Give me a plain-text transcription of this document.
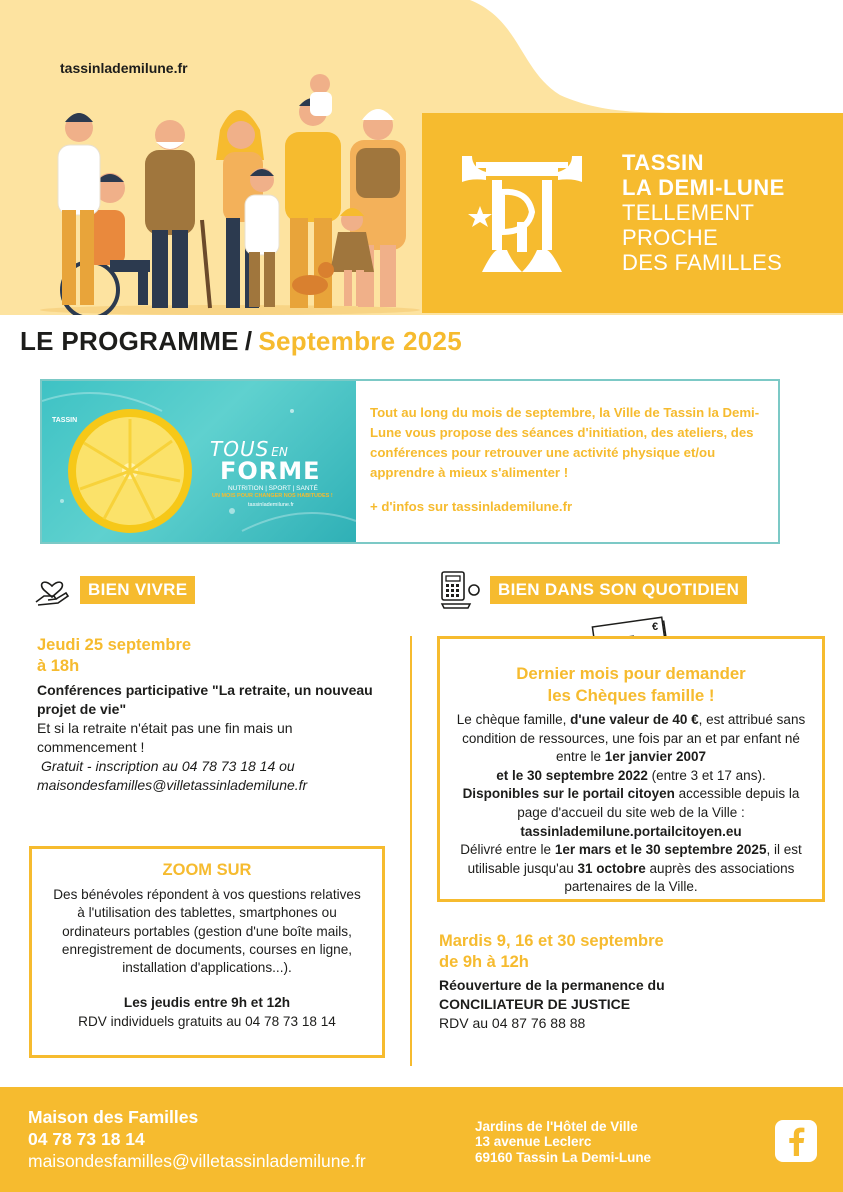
tassinlademilune.fr
TASSIN
LA DEMI-LUNE
TELLEMENT
PROCHE
DES FAMILLES
LE PROGRAMME / Septembre 2025
TASSIN
TOUS EN
FORME
NUTRITION | SPORT | SANTÉ
UN MOIS POUR CHANGER NOS HABITUDES !
tassinlademilune.fr
Tout au long du mois de septembre, la Ville de Tassin la Demi-Lune vous propose des séances d'initiation, des ateliers, des conférences pour retrouver une activité physique et/ou apprendre à mieux s'alimenter !
+ d'infos sur tassinlademilune.fr
BIEN VIVRE
Jeudi 25 septembre
à 18h
Conférences participative "La retraite, un nouveau projet de vie"
Et si la retraite n'était pas une fin mais un commencement !
Gratuit - inscription au 04 78 73 18 14 ou
maisondesfamilles@villetassinlademilune.fr
ZOOM SUR
Des bénévoles répondent à vos questions relatives à l'utilisation des tablettes, smartphones ou ordinateurs portables (gestion d'une boîte mails, enregistrement de documents, courses en ligne, installation d'applications...).
Les jeudis entre 9h et 12h
RDV individuels gratuits au 04 78 73 18 14
BIEN DANS SON QUOTIDIEN
€
Dernier mois pour demander
les Chèques famille !
Le chèque famille, d'une valeur de 40 €, est attribué sans condition de ressources, une fois par an et par enfant né entre le 1er janvier 2007
et le 30 septembre 2022 (entre 3 et 17 ans).
Disponibles sur le portail citoyen accessible depuis la page d'accueil du site web de la Ville :
tassinlademilune.portailcitoyen.eu
Délivré entre le 1er mars et le 30 septembre 2025, il est utilisable jusqu'au 31 octobre auprès des associations partenaires de la Ville.
Mardis 9, 16 et 30 septembre
de 9h à 12h
Réouverture de la permanence du
CONCILIATEUR DE JUSTICE
RDV au 04 87 76 88 88
Maison des Familles
04 78 73 18 14
maisondesfamilles@villetassinlademilune.fr
Jardins de l'Hôtel de Ville
13 avenue Leclerc
69160 Tassin La Demi-Lune
